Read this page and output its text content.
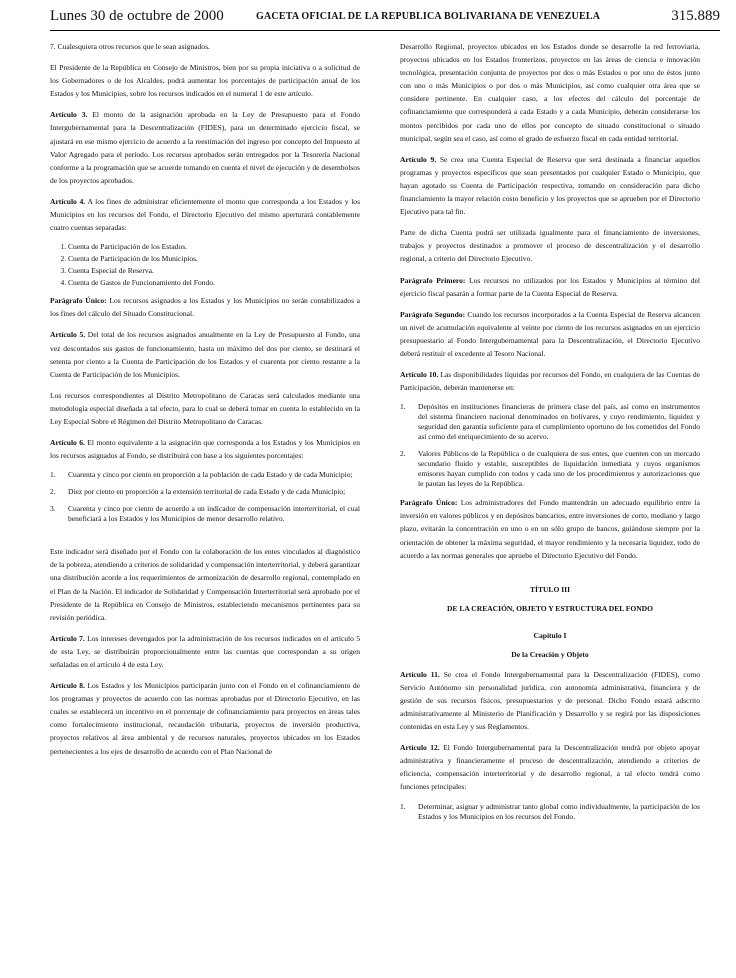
Lunes 30 de octubre de 2000	GACETA OFICIAL DE LA REPUBLICA BOLIVARIANA DE VENEZUELA	315.889

7. Cualesquiera otros recursos que le sean asignados.

El Presidente de la República en Consejo de Ministros, bien por su propia iniciativa o a solicitud de los Gobernadores o de los Alcaldes, podrá aumentar los porcentajes de participación anual de los Estados y los Municipios, sobre los recursos indicados en el numeral 1 de este artículo.

Artículo 3. El monto de la asignación aprobada en la Ley de Presupuesto para el Fondo Intergubernamental para la Descentralización (FIDES), para un determinado ejercicio fiscal, se ajustará en ese mismo ejercicio de acuerdo a la reestimación del ingreso por concepto del Impuesto al Valor Agregado para el período. Los recursos aprobados serán entregados por la Tesorería Nacional conforme a la programación que se acuerde tomando en cuenta el nivel de ejecución y de desembolsos de los proyectos aprobados.

Artículo 4. A los fines de administrar eficientemente el monto que corresponda a los Estados y los Municipios en los recursos del Fondo, el Directorio Ejecutivo del mismo aperturará contablemente cuatro cuentas separadas:

1. Cuenta de Participación de los Estados.
2. Cuenta de Participación de los Municipios.
3. Cuenta Especial de Reserva.
4. Cuenta de Gastos de Funcionamiento del Fondo.

Parágrafo Único: Los recursos asignados a los Estados y los Municipios no serán contabilizados a los fines del cálculo del Situado Constitucional.

Artículo 5. Del total de los recursos asignados anualmente en la Ley de Presupuesto al Fondo, una vez descontados sus gastos de funcionamiento, hasta un máximo del dos por ciento, se destinará el setenta por ciento a la Cuenta de Participación de los Estados y el cuarenta por ciento restante a la Cuenta de Participación de los Municipios.

Los recursos correspondientes al Distrito Metropolitano de Caracas será calculados mediante una metodología especial diseñada a tal efecto, para lo cual se deberá tomar en cuenta lo establecido en la Ley Especial Sobre el Régimen del Distrito Metropolitano de Caracas.

Artículo 6. El monto equivalente a la asignación que corresponda a los Estados y los Municipios en los recursos asignados al Fondo, se distribuirá con base a los siguientes porcentajes:

1.	Cuarenta y cinco por ciento en proporción a la población de cada Estado y de cada Municipio;
2.	Diez por ciento en proporción a la extensión territorial de cada Estado y de cada Municipio;
3.	Cuarenta y cinco por ciento de acuerdo a un indicador de compensación interterritorial, el cual beneficiará a los Estados y los Municipios de menor desarrollo relativo.

Este indicador será diseñado por el Fondo con la colaboración de los entes vinculados al diagnóstico de la pobreza, atendiendo a criterios de solidaridad y compensación interterritorial, y deberá garantizar una distribución acorde a los requerimientos de armonización de desarrollo regional, contemplado en el Plan de la Nación. El indicador de Solidaridad y Compensación Interterritorial será aprobado por el Presidente de la República en Consejo de Ministros, estableciendo mecanismos pertinentes para su revisión periódica.

Artículo 7. Los intereses devengados por la administración de los recursos indicados en el artículo 5 de esta Ley, se distribuirán proporcionalmente entre las cuentas que correspondan a su origen señaladas en el artículo 4 de esta Ley.

Artículo 8. Los Estados y los Municipios participarán junto con el Fondo en el cofinanciamiento de los programas y proyectos de acuerdo con las normas aprobadas por el Directorio Ejecutivo, en las cuales se establecerá un incentivo en el porcentaje de cofinanciamiento para proyectos en áreas tales como fortalecimiento institucional, recaudación tributaria, proyectos de inversión productiva, proyectos relativos al área ambiental y de recursos naturales, proyectos ubicados en los Estados pertenecientes a los ejes de desarrollo de acuerdo con el Plan Nacional de

Desarrollo Regional, proyectos ubicados en los Estados donde se desarrolle la red ferroviaria, proyectos ubicados en los Estados fronterizos, proyectos en las áreas de ciencia e innovación tecnológica, presentación conjunta de proyectos por dos o más Estados o por uno de éstos junto con uno o más Municipios o por dos o más Municipios, así como cualquier otra área que se considere pertinente. En cualquier caso, a los efectos del cálculo del porcentaje de cofinanciamiento que corresponderá a cada Estado y a cada Municipio, deberán considerarse los montos percibidos por cada uno de ellos por concepto de situado constitucional o situado municipal, según sea el caso, así como el grado de esfuerzo fiscal en cada entidad territorial.

Artículo 9. Se crea una Cuenta Especial de Reserva que será destinada a financiar aquellos programas y proyectos específicos que sean presentados por cualquier Estado o Municipio, que hayan agotado su Cuenta de Participación respectiva, tomando en consideración para dicho financiamiento la mayor relación costo beneficio y los proyectos que se aprueben por el Directorio Ejecutivo para tal fin.

Parte de dicha Cuenta podrá ser utilizada igualmente para el financiamiento de inversiones, trabajos y proyectos destinados a promover el proceso de descentralización y el desarrollo regional, a criterio del Directorio Ejecutivo.

Parágrafo Primero: Los recursos no utilizados por los Estados y Municipios al término del ejercicio fiscal pasarán a formar parte de la Cuenta Especial de Reserva.

Parágrafo Segundo: Cuando los recursos incorporados a la Cuenta Especial de Reserva alcancen un nivel de acumulación equivalente al veinte por ciento de los recursos asignados en un ejercicio presupuestario al Fondo Intergubernamental para la Descentralización, el Directorio Ejecutivo deberá restituir el excedente al Tesoro Nacional.

Artículo 10. Las disponibilidades líquidas por recursos del Fondo, en cualquiera de las Cuentas de Participación, deberán mantenerse en:

1.	Depósitos en instituciones financieras de primera clase del país, así como en instrumentos del sistema financiero nacional denominados en bolívares, y cuyo rendimiento, liquidez y seguridad den garantía suficiente para el cumplimiento oportuno de los cometidos del Fondo así como del enriquecimiento de su acervo.
2.	Valores Públicos de la República o de cualquiera de sus entes, que cuenten con un mercado secundario fluido y estable, susceptibles de liquidación inmediata y cuyos organismos emisores hayan cumplido con todos y cada uno de los procedimientos y autorizaciones que le pautan las leyes de la República.

Parágrafo Único: Los administradores del Fondo mantendrán un adecuado equilibrio entre la inversión en valores públicos y en depósitos bancarios, entre inversiones de corto, mediano y largo plazo, evitarán la concentración en uno o en un sólo grupo de bancos, guiándose siempre por la orientación de obtener la máxima seguridad, el mayor rendimiento y la necesaria liquidez, todo de acuerdo a las normas generales que apruebe el Directorio Ejecutivo del Fondo.

TÍTULO III

DE LA CREACIÓN, OBJETO Y ESTRUCTURA DEL FONDO

Capítulo I

De la Creación y Objeto

Artículo 11. Se crea el Fondo Intergubernamental para la Descentralización (FIDES), como Servicio Autónomo sin personalidad jurídica, con autonomía administrativa, financiera y de gestión de sus recursos físicos, presupuestarios y de personal. Dicho Fondo estará adscrito administrativamente al Ministerio de Planificación y Desarrollo y se regirá por las disposiciones contenidas en esta Ley y sus Reglamentos.

Artículo 12. El Fondo Intergubernamental para la Descentralización tendrá por objeto apoyar administrativa y financieramente el proceso de descentralización, atendiendo a criterios de eficiencia, compensación interterritorial y de desarrollo regional, a tal efecto tendrá como funciones principales:

1.	Determinar, asignar y administrar tanto global como individualmente, la participación de los Estados y los Municipios en los recursos del Fondo.
